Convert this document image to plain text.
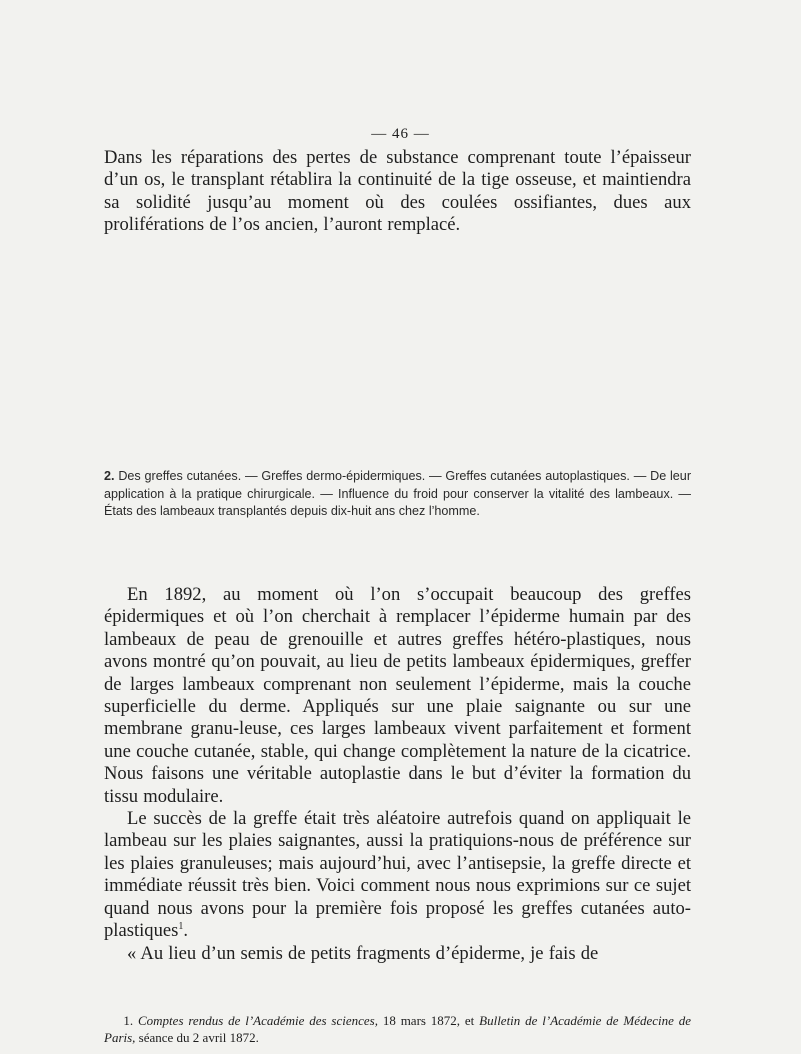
— 46 —

Dans les réparations des pertes de substance comprenant toute l’épaisseur d’un os, le transplant rétablira la continuité de la tige osseuse, et maintiendra sa solidité jusqu’au moment où des coulées ossifiantes, dues aux proliférations de l’os ancien, l’auront remplacé.

2. Des greffes cutanées. — Greffes dermo-épidermiques. — Greffes cutanées autoplastiques. — De leur application à la pratique chirurgicale. — Influence du froid pour conserver la vitalité des lambeaux. — États des lambeaux transplantés depuis dix-huit ans chez l’homme.

En 1892, au moment où l’on s’occupait beaucoup des greffes épidermiques et où l’on cherchait à remplacer l’épiderme humain par des lambeaux de peau de grenouille et autres greffes hétéro-plastiques, nous avons montré qu’on pouvait, au lieu de petits lambeaux épidermiques, greffer de larges lambeaux comprenant non seulement l’épiderme, mais la couche superficielle du derme. Appliqués sur une plaie saignante ou sur une membrane granu-leuse, ces larges lambeaux vivent parfaitement et forment une couche cutanée, stable, qui change complètement la nature de la cicatrice. Nous faisons une véritable autoplastie dans le but d’éviter la formation du tissu modulaire.

Le succès de la greffe était très aléatoire autrefois quand on appliquait le lambeau sur les plaies saignantes, aussi la pratiquions-nous de préférence sur les plaies granuleuses; mais aujourd’hui, avec l’antisepsie, la greffe directe et immédiate réussit très bien. Voici comment nous nous exprimions sur ce sujet quand nous avons pour la première fois proposé les greffes cutanées auto-plastiques$^1$.

« Au lieu d’un semis de petits fragments d’épiderme, je fais de

1. Comptes rendus de l’Académie des sciences, 18 mars 1872, et Bulletin de l’Académie de Médecine de Paris, séance du 2 avril 1872.
